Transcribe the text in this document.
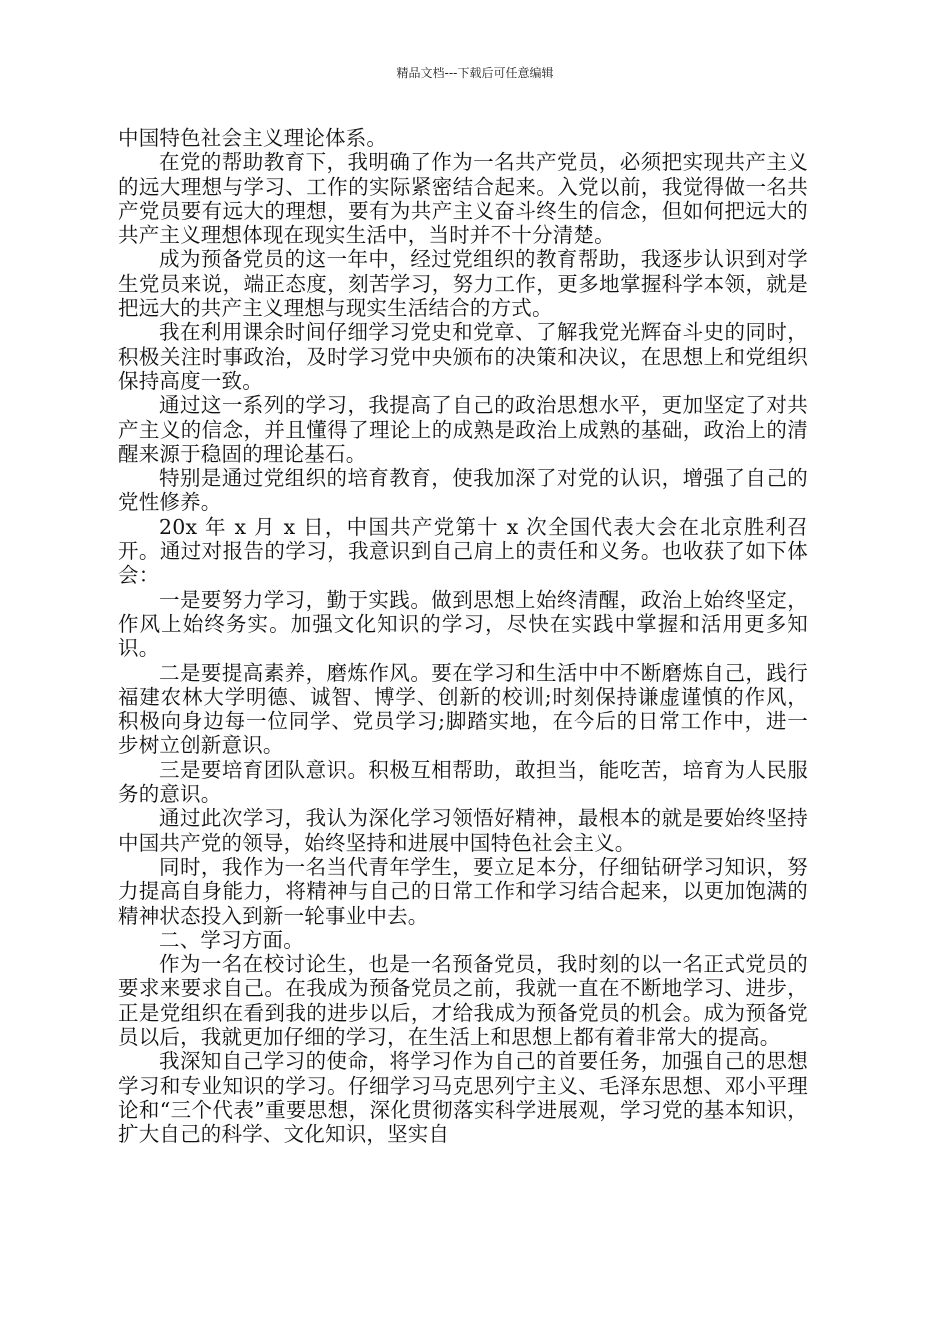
精品文档---下载后可任意编辑

中国特色社会主义理论体系。

在党的帮助教育下，我明确了作为一名共产党员，必须把实现共产主义的远大理想与学习、工作的实际紧密结合起来。入党以前，我觉得做一名共产党员要有远大的理想，要有为共产主义奋斗终生的信念，但如何把远大的共产主义理想体现在现实生活中，当时并不十分清楚。

成为预备党员的这一年中，经过党组织的教育帮助，我逐步认识到对学生党员来说，端正态度，刻苦学习，努力工作，更多地掌握科学本领，就是把远大的共产主义理想与现实生活结合的方式。

我在利用课余时间仔细学习党史和党章、了解我党光辉奋斗史的同时，积极关注时事政治，及时学习党中央颁布的决策和决议，在思想上和党组织保持高度一致。

通过这一系列的学习，我提高了自己的政治思想水平，更加坚定了对共产主义的信念，并且懂得了理论上的成熟是政治上成熟的基础，政治上的清醒来源于稳固的理论基石。

特别是通过党组织的培育教育，使我加深了对党的认识，增强了自己的党性修养。

20x 年 x 月 x 日，中国共产党第十 x 次全国代表大会在北京胜利召开。通过对报告的学习，我意识到自己肩上的责任和义务。也收获了如下体会：

一是要努力学习，勤于实践。做到思想上始终清醒，政治上始终坚定，作风上始终务实。加强文化知识的学习，尽快在实践中掌握和活用更多知识。

二是要提高素养，磨炼作风。要在学习和生活中中不断磨炼自己，践行福建农林大学明德、诚智、博学、创新的校训;时刻保持谦虚谨慎的作风，积极向身边每一位同学、党员学习;脚踏实地，在今后的日常工作中，进一步树立创新意识。

三是要培育团队意识。积极互相帮助，敢担当，能吃苦，培育为人民服务的意识。

通过此次学习，我认为深化学习领悟好精神，最根本的就是要始终坚持中国共产党的领导，始终坚持和进展中国特色社会主义。

同时，我作为一名当代青年学生，要立足本分，仔细钻研学习知识，努力提高自身能力，将精神与自己的日常工作和学习结合起来，以更加饱满的精神状态投入到新一轮事业中去。

二、学习方面。

作为一名在校讨论生，也是一名预备党员，我时刻的以一名正式党员的要求来要求自己。在我成为预备党员之前，我就一直在不断地学习、进步，正是党组织在看到我的进步以后，才给我成为预备党员的机会。成为预备党员以后，我就更加仔细的学习，在生活上和思想上都有着非常大的提高。

我深知自己学习的使命，将学习作为自己的首要任务，加强自己的思想学习和专业知识的学习。仔细学习马克思列宁主义、毛泽东思想、邓小平理论和“三个代表”重要思想，深化贯彻落实科学进展观，学习党的基本知识，扩大自己的科学、文化知识，坚实自
